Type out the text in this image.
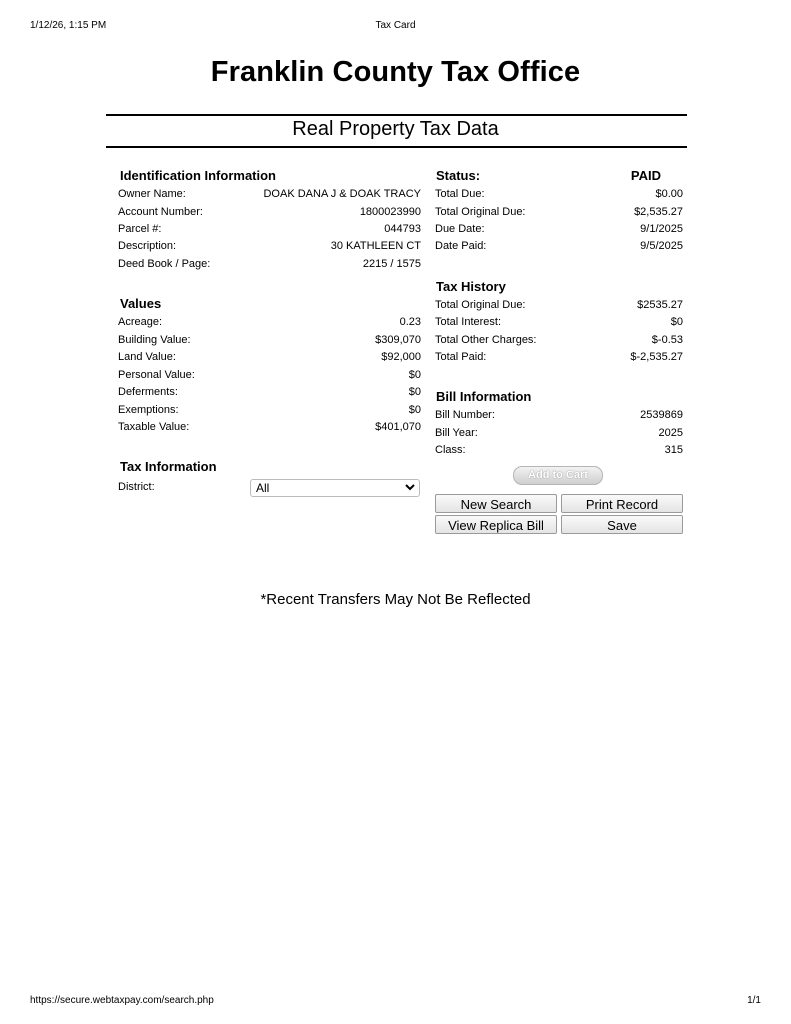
1/12/26, 1:15 PM	Tax Card
Franklin County Tax Office
Real Property Tax Data
Identification Information
Owner Name:	DOAK DANA J & DOAK TRACY
Account Number:	1800023990
Parcel #:	044793
Description:	30 KATHLEEN CT
Deed Book / Page:	2215 / 1575
Values
Acreage:	0.23
Building Value:	$309,070
Land Value:	$92,000
Personal Value:	$0
Deferments:	$0
Exemptions:	$0
Taxable Value:	$401,070
Tax Information
District:	All
Status:	PAID
Total Due:	$0.00
Total Original Due:	$2,535.27
Due Date:	9/1/2025
Date Paid:	9/5/2025
Tax History
Total Original Due:	$2535.27
Total Interest:	$0
Total Other Charges:	$-0.53
Total Paid:	$-2,535.27
Bill Information
Bill Number:	2539869
Bill Year:	2025
Class:	315
Add to Cart
New Search	Print Record
View Replica Bill	Save
*Recent Transfers May Not Be Reflected
https://secure.webtaxpay.com/search.php	1/1
